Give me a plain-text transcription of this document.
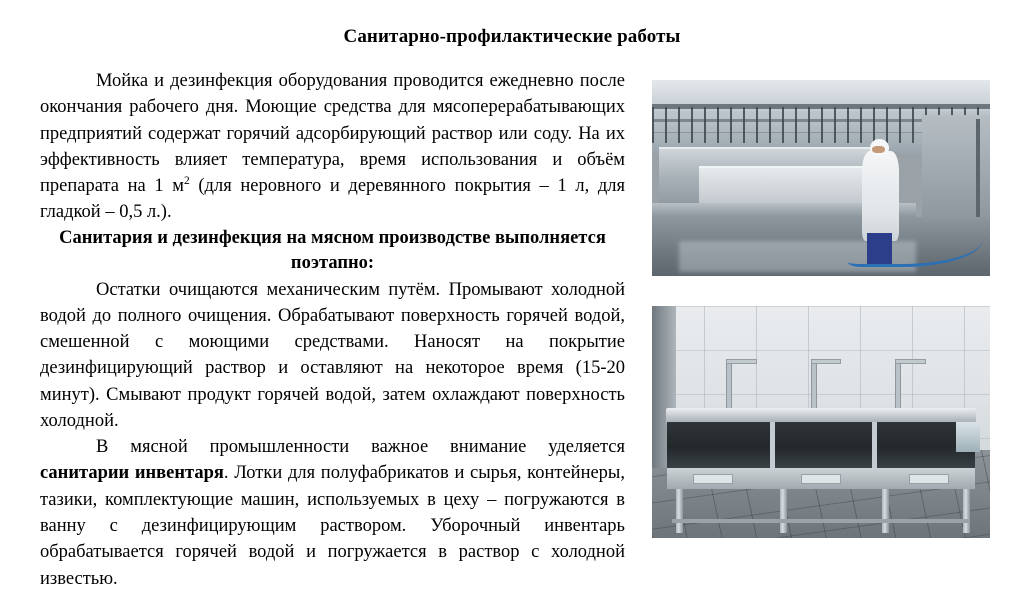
Санитарно-профилактические работы

Мойка и дезинфекция оборудования проводится ежедневно после окончания рабочего дня. Моющие средства для мясоперерабатывающих предприятий содержат горячий адсорбирующий раствор или соду. На их эффективность влияет температура, время использования и объём препарата на 1 $м^2$ (для неровного и деревянного покрытия – 1 л, для гладкой – 0,5 л.).

Санитария и дезинфекция на мясном производстве выполняется поэтапно:

Остатки очищаются механическим путём. Промывают холодной водой до полного очищения. Обрабатывают поверхность горячей водой, смешенной с моющими средствами. Наносят на покрытие дезинфицирующий раствор и оставляют на некоторое время (15-20 минут). Смывают продукт горячей водой, затем охлаждают поверхность холодной.

В мясной промышленности важное внимание уделяется санитарии инвентаря. Лотки для полуфабрикатов и сырья, контейнеры, тазики, комплектующие машин, используемых в цеху – погружаются в ванну с дезинфицирующим раствором. Уборочный инвентарь обрабатывается горячей водой и погружается в раствор с холодной известью.
